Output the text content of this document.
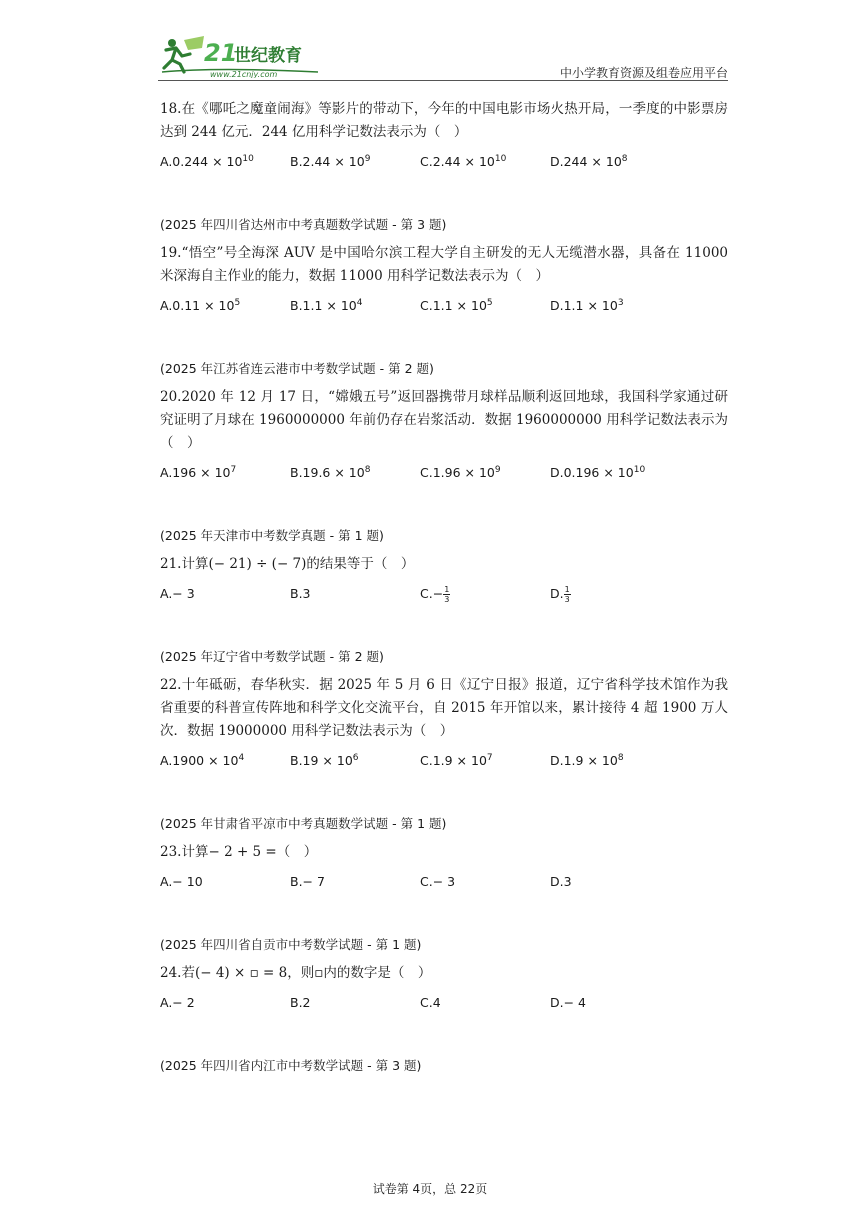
21
世纪教育
www.21cnjy.com	中小学教育资源及组卷应用平台

18.在《哪吒之魔童闹海》等影片的带动下，今年的中国电影市场火热开局，一季度的中影票房达到 244 亿元．244 亿用科学记数法表示为（　）

$A.0.244 \times 10^{10}$	$B.2.44 \times 10^9$	$C.2.44 \times 10^{10}$	$D.244 \times 10^8$

(2025 年四川省达州市中考真题数学试题 - 第 3 题)

19.“悟空”号全海深 AUV 是中国哈尔滨工程大学自主研发的无人无缆潜水器，具备在 11000 米深海自主作业的能力，数据 11000 用科学记数法表示为（　）

$A.0.11 \times 10^5$	$B.1.1 \times 10^4$	$C.1.1 \times 10^5$	$D.1.1 \times 10^3$

(2025 年江苏省连云港市中考数学试题 - 第 2 题)

20.2020 年 12 月 17 日，“嫦娥五号”返回器携带月球样品顺利返回地球，我国科学家通过研究证明了月球在 1960000000 年前仍存在岩浆活动．数据 1960000000 用科学记数法表示为（　）

$A.196 \times 10^7$	$B.19.6 \times 10^8$	$C.1.96 \times 10^9$	$D.0.196 \times 10^{10}$

(2025 年天津市中考数学真题 - 第 1 题)

21.计算(− 21) ÷ (− 7)的结果等于（　）

A.− 3	B.3	$C.- \frac{1}{3}$	D. $\frac{1}{3}$

(2025 年辽宁省中考数学试题 - 第 2 题)

22.十年砥砺，春华秋实．据 2025 年 5 月 6 日《辽宁日报》报道，辽宁省科学技术馆作为我省重要的科普宣传阵地和科学文化交流平台，自 2015 年开馆以来，累计接待 4 超 1900 万人次．数据 19000000 用科学记数法表示为（　）

$A.1900 \times 10^4$	$B.19 \times 10^6$	$C.1.9 \times 10^7$	$D.1.9 \times 10^8$

(2025 年甘肃省平凉市中考真题数学试题 - 第 1 题)

23.计算− 2 + 5 =（　）

A.− 10	B.− 7	C.− 3	D.3

(2025 年四川省自贡市中考数学试题 - 第 1 题)

24.若(− 4) × ▫ = 8，则▫内的数字是（　）

A.− 2	B.2	C.4	D.− 4

(2025 年四川省内江市中考数学试题 - 第 3 题)

试卷第 4页，总 22页
